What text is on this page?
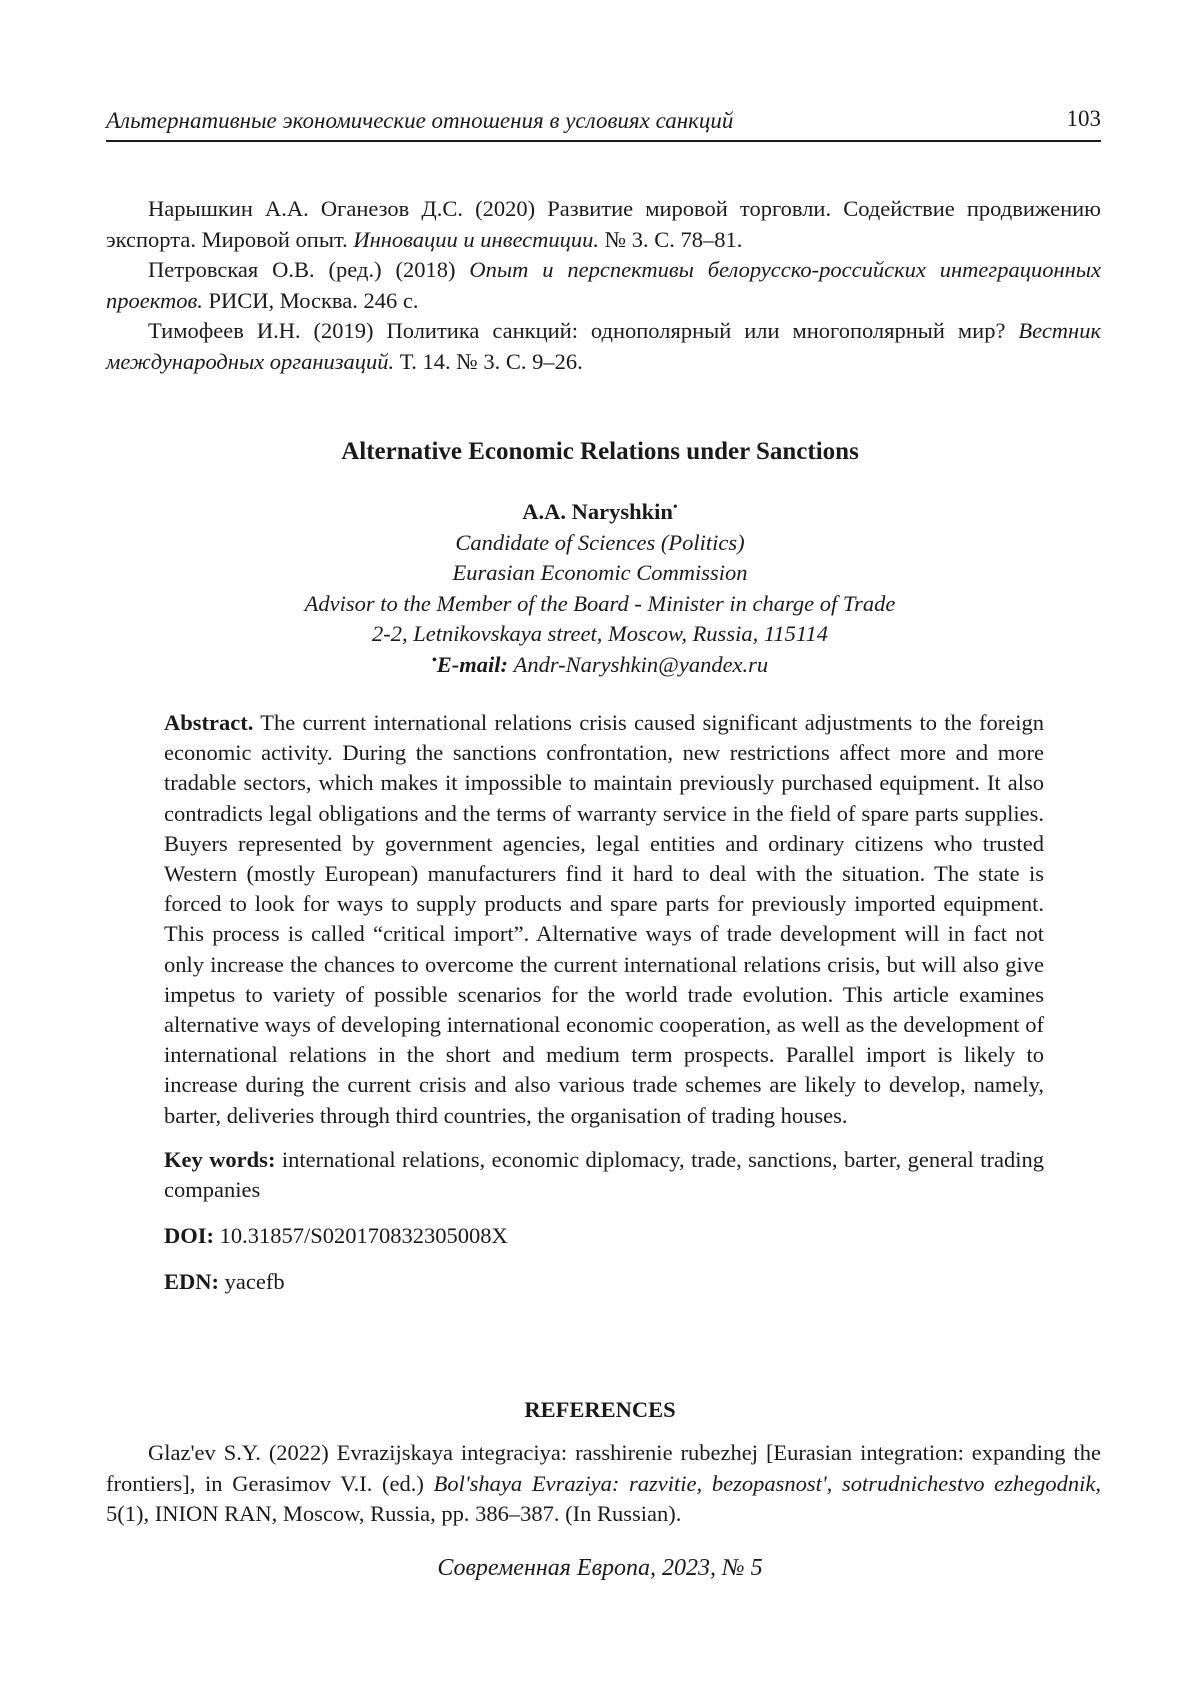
Альтернативные экономические отношения в условиях санкций	103

Нарышкин А.А. Оганезов Д.С. (2020) Развитие мировой торговли. Содействие продвижению экспорта. Мировой опыт. Инновации и инвестиции. № 3. С. 78–81.

Петровская О.В. (ред.) (2018) Опыт и перспективы белорусско-российских интеграционных проектов. РИСИ, Москва. 246 с.

Тимофеев И.Н. (2019) Политика санкций: однополярный или многополярный мир? Вестник международных организаций. Т. 14. № 3. С. 9–26.

Alternative Economic Relations under Sanctions
A.A. Naryshkin•
Candidate of Sciences (Politics)
Eurasian Economic Commission
Advisor to the Member of the Board - Minister in charge of Trade
2-2, Letnikovskaya street, Moscow, Russia, 115114
•E-mail: Andr-Naryshkin@yandex.ru

Abstract. The current international relations crisis caused significant adjustments to the foreign economic activity. During the sanctions confrontation, new restrictions affect more and more tradable sectors, which makes it impossible to maintain previously purchased equipment. It also contradicts legal obligations and the terms of warranty service in the field of spare parts supplies. Buyers represented by government agencies, legal entities and ordinary citizens who trusted Western (mostly European) manufacturers find it hard to deal with the situation. The state is forced to look for ways to supply products and spare parts for previously imported equipment. This process is called “critical import”. Alternative ways of trade development will in fact not only increase the chances to overcome the current international relations crisis, but will also give impetus to variety of possible scenarios for the world trade evolution. This article examines alternative ways of developing international economic cooperation, as well as the development of international relations in the short and medium term prospects. Parallel import is likely to increase during the current crisis and also various trade schemes are likely to develop, namely, barter, deliveries through third countries, the organisation of trading houses.

Key words: international relations, economic diplomacy, trade, sanctions, barter, general trading companies

DOI: 10.31857/S020170832305008X
EDN: yacefb
REFERENCES

Glaz'ev S.Y. (2022) Evrazijskaya integraciya: rasshirenie rubezhej [Eurasian integration: expanding the frontiers], in Gerasimov V.I. (ed.) Bol'shaya Evraziya: razvitie, bezopasnost', sotrudnichestvo ezhegodnik, 5(1), INION RAN, Moscow, Russia, pp. 386–387. (In Russian).

Современная Европа, 2023, № 5
